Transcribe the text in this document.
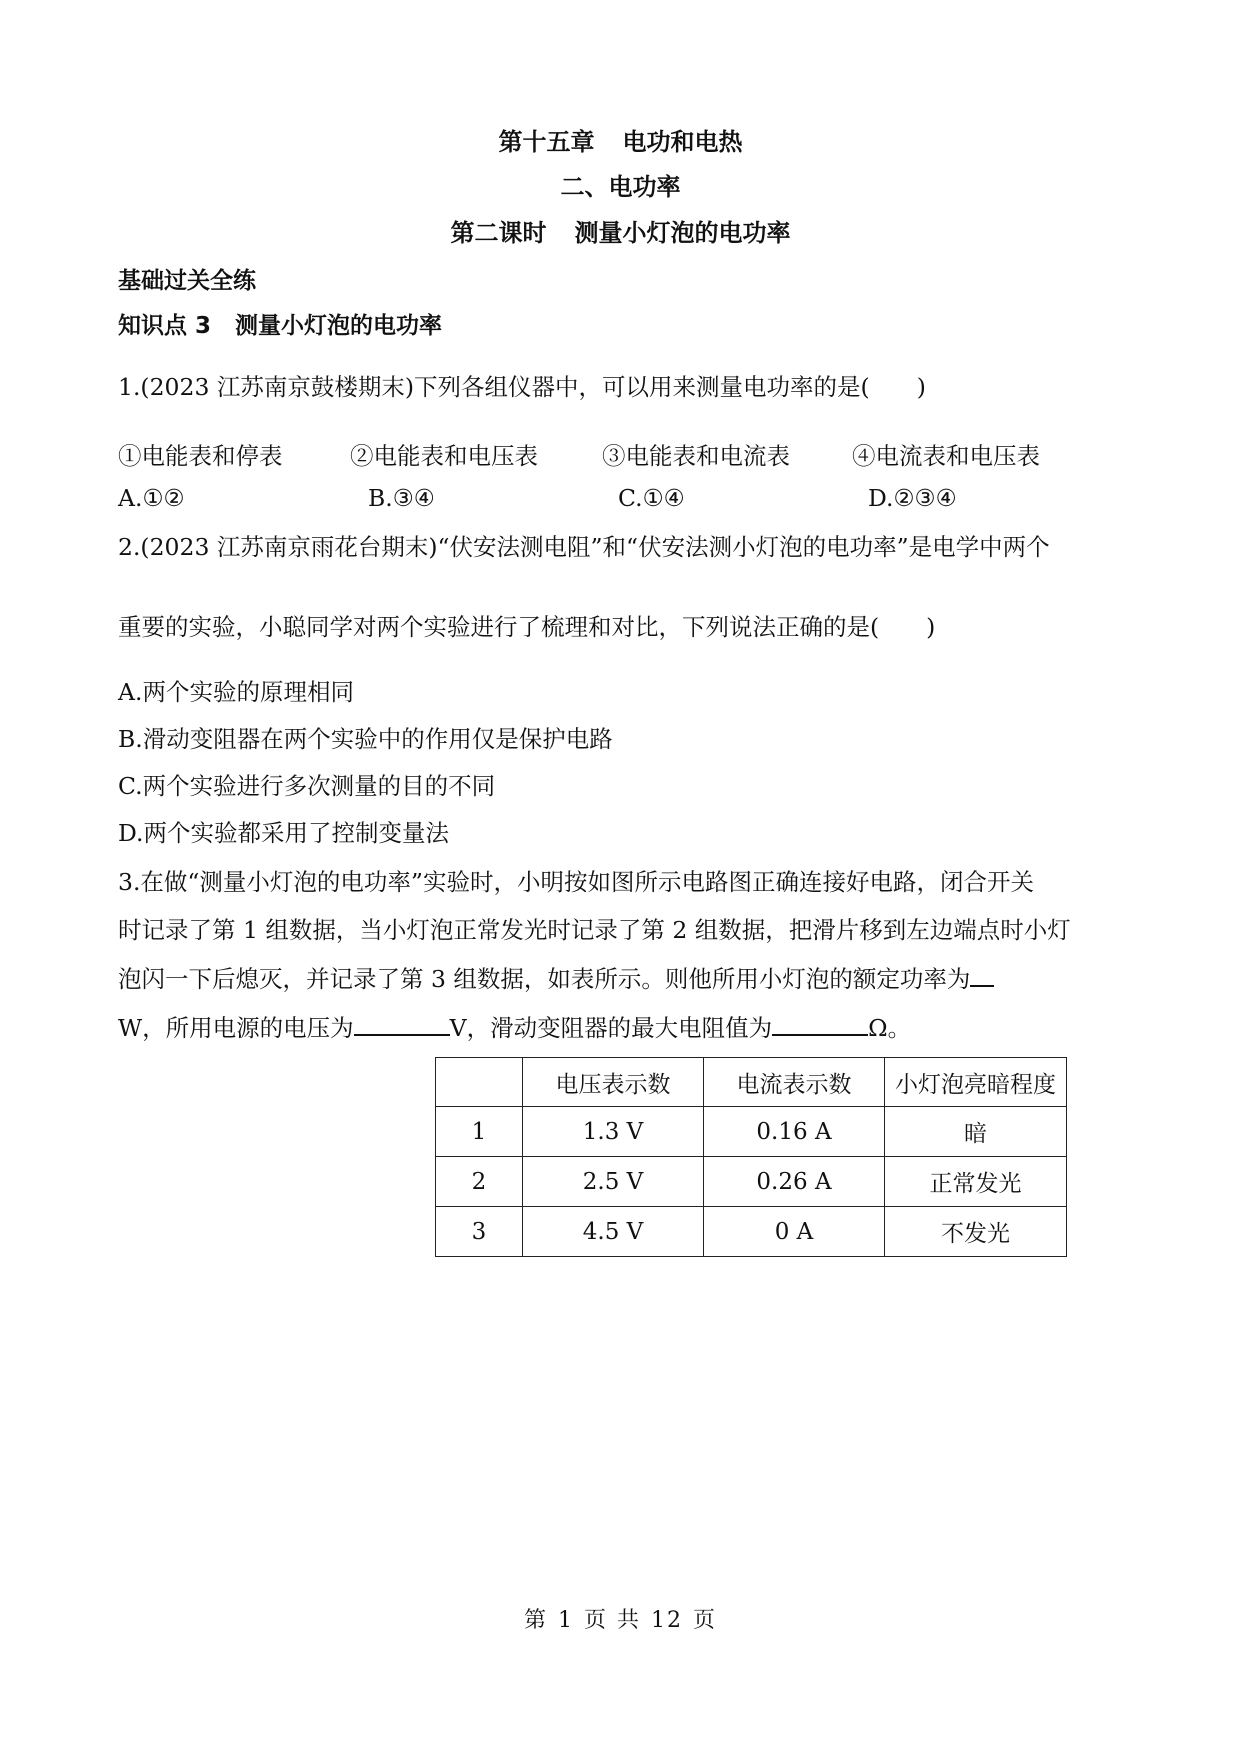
第十五章 电功和电热
二、电功率
第二课时 测量小灯泡的电功率
基础过关全练
知识点 3 测量小灯泡的电功率
1.(2023 江苏南京鼓楼期末)下列各组仪器中，可以用来测量电功率的是(　　)
①电能表和停表	②电能表和电压表	③电能表和电流表	④电流表和电压表
A.①②	B.③④	C.①④	D.②③④
2.(2023 江苏南京雨花台期末)“伏安法测电阻”和“伏安法测小灯泡的电功率”是电学中两个
重要的实验，小聪同学对两个实验进行了梳理和对比，下列说法正确的是(　　)
A.两个实验的原理相同
B.滑动变阻器在两个实验中的作用仅是保护电路
C.两个实验进行多次测量的目的不同
D.两个实验都采用了控制变量法
3.在做“测量小灯泡的电功率”实验时，小明按如图所示电路图正确连接好电路，闭合开关
时记录了第 1 组数据，当小灯泡正常发光时记录了第 2 组数据，把滑片移到左边端点时小灯
泡闪一下后熄灭，并记录了第 3 组数据，如表所示。则他所用小灯泡的额定功率为
W，所用电源的电压为	V，滑动变阻器的最大电阻值为	Ω。
	电压表示数	电流表示数	小灯泡亮暗程度
1	1.3 V	0.16 A	暗
2	2.5 V	0.26 A	正常发光
3	4.5 V	0 A	不发光
第 1 页 共 12 页
